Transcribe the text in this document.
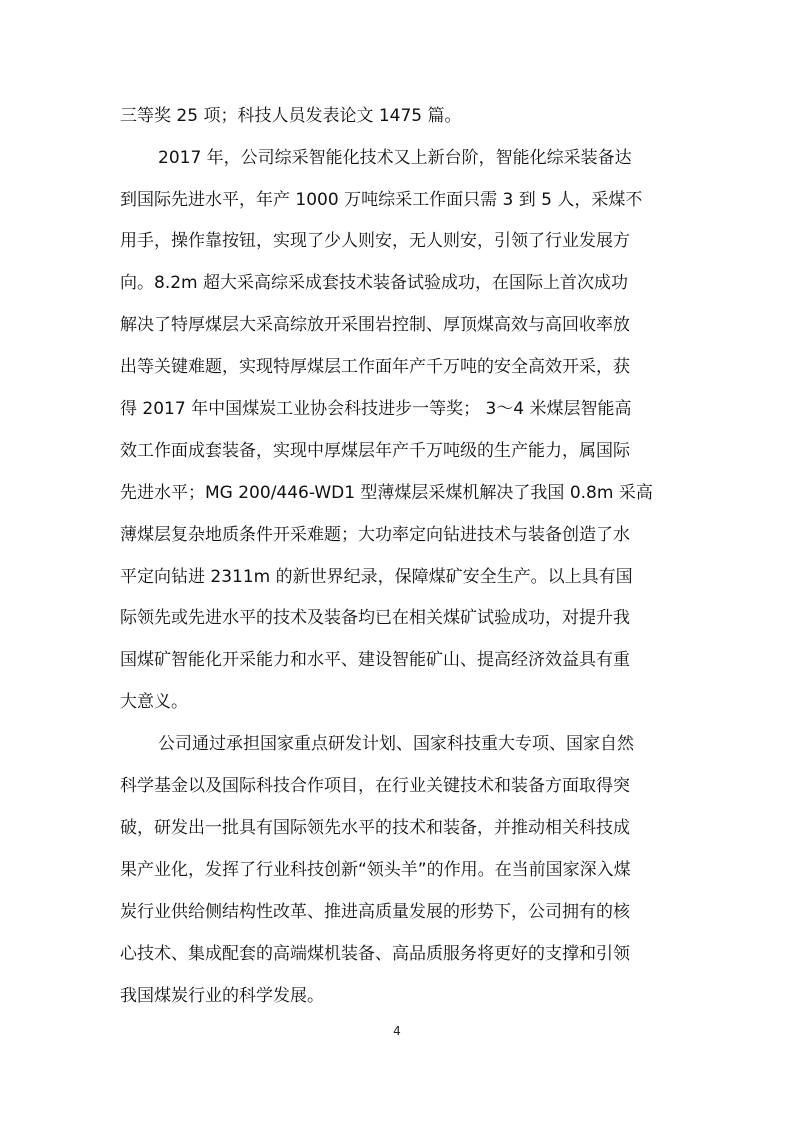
三等奖 25 项；科技人员发表论文 1475 篇。
2017 年，公司综采智能化技术又上新台阶，智能化综采装备达
到国际先进水平，年产 1000 万吨综采工作面只需 3 到 5 人，采煤不
用手，操作靠按钮，实现了少人则安，无人则安，引领了行业发展方
向。8.2m 超大采高综采成套技术装备试验成功，在国际上首次成功
解决了特厚煤层大采高综放开采围岩控制、厚顶煤高效与高回收率放
出等关键难题，实现特厚煤层工作面年产千万吨的安全高效开采，获
得 2017 年中国煤炭工业协会科技进步一等奖； 3～4 米煤层智能高
效工作面成套装备，实现中厚煤层年产千万吨级的生产能力，属国际
先进水平；MG 200/446-WD1 型薄煤层采煤机解决了我国 0.8m 采高
薄煤层复杂地质条件开采难题；大功率定向钻进技术与装备创造了水
平定向钻进 2311m 的新世界纪录，保障煤矿安全生产。以上具有国
际领先或先进水平的技术及装备均已在相关煤矿试验成功，对提升我
国煤矿智能化开采能力和水平、建设智能矿山、提高经济效益具有重
大意义。
公司通过承担国家重点研发计划、国家科技重大专项、国家自然
科学基金以及国际科技合作项目，在行业关键技术和装备方面取得突
破，研发出一批具有国际领先水平的技术和装备，并推动相关科技成
果产业化，发挥了行业科技创新“领头羊”的作用。在当前国家深入煤
炭行业供给侧结构性改革、推进高质量发展的形势下，公司拥有的核
心技术、集成配套的高端煤机装备、高品质服务将更好的支撑和引领
我国煤炭行业的科学发展。
4
